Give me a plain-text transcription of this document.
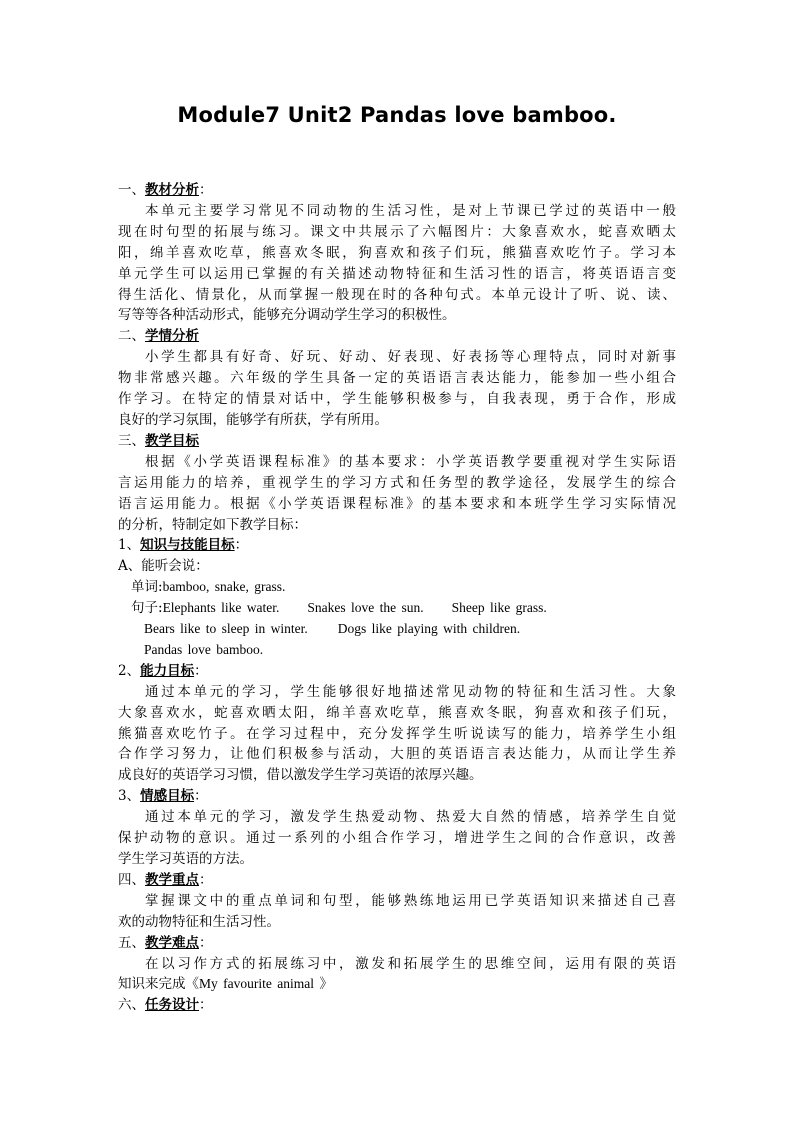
Module7 Unit2 Pandas love bamboo.

一、教材分析：

本单元主要学习常见不同动物的生活习性，是对上节课已学过的英语中一般

现在时句型的拓展与练习。课文中共展示了六幅图片：大象喜欢水，蛇喜欢晒太

阳，绵羊喜欢吃草，熊喜欢冬眠，狗喜欢和孩子们玩，熊猫喜欢吃竹子。学习本

单元学生可以运用已掌握的有关描述动物特征和生活习性的语言，将英语语言变

得生活化、情景化，从而掌握一般现在时的各种句式。本单元设计了听、说、读、

写等等各种活动形式，能够充分调动学生学习的积极性。

二、学情分析

小学生都具有好奇、好玩、好动、好表现、好表扬等心理特点，同时对新事

物非常感兴趣。六年级的学生具备一定的英语语言表达能力，能参加一些小组合

作学习。在特定的情景对话中，学生能够积极参与，自我表现，勇于合作，形成

良好的学习氛围，能够学有所获，学有所用。

三、教学目标

根据《小学英语课程标准》的基本要求：小学英语教学要重视对学生实际语

言运用能力的培养，重视学生的学习方式和任务型的教学途径，发展学生的综合

语言运用能力。根据《小学英语课程标准》的基本要求和本班学生学习实际情况

的分析，特制定如下教学目标：

1、知识与技能目标：

A、能听会说：

单词:bamboo, snake, grass.

句子:Elephants like water. Snakes love the sun. Sheep like grass.

Bears like to sleep in winter. Dogs like playing with children.

Pandas love bamboo.

2、能力目标：

通过本单元的学习，学生能够很好地描述常见动物的特征和生活习性。大象

大象喜欢水，蛇喜欢晒太阳，绵羊喜欢吃草，熊喜欢冬眠，狗喜欢和孩子们玩，

熊猫喜欢吃竹子。在学习过程中，充分发挥学生听说读写的能力，培养学生小组

合作学习努力，让他们积极参与活动，大胆的英语语言表达能力，从而让学生养

成良好的英语学习习惯，借以激发学生学习英语的浓厚兴趣。

3、情感目标：

通过本单元的学习，激发学生热爱动物、热爱大自然的情感，培养学生自觉

保护动物的意识。通过一系列的小组合作学习，增进学生之间的合作意识，改善

学生学习英语的方法。

四、教学重点：

掌握课文中的重点单词和句型，能够熟练地运用已学英语知识来描述自己喜

欢的动物特征和生活习性。

五、教学难点：

在以习作方式的拓展练习中，激发和拓展学生的思维空间，运用有限的英语

知识来完成《My favourite animal 》

六、任务设计：
